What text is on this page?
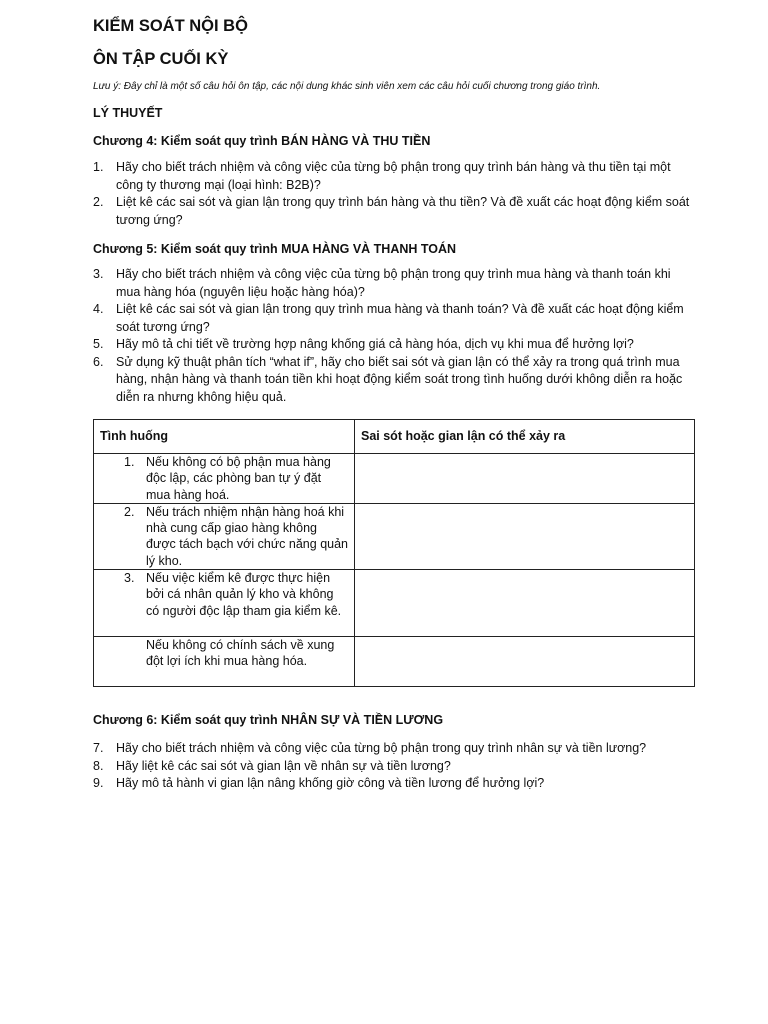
KIỂM SOÁT NỘI BỘ
ÔN TẬP CUỐI KỲ
Lưu ý: Đây chỉ là một số câu hỏi ôn tập, các nội dung khác sinh viên xem các câu hỏi cuối chương trong giáo trình.
LÝ THUYẾT
Chương 4: Kiểm soát quy trình BÁN HÀNG VÀ THU TIỀN
1. Hãy cho biết trách nhiệm và công việc của từng bộ phận trong quy trình bán hàng và thu tiền tại một công ty thương mại (loại hình: B2B)?
2. Liệt kê các sai sót và gian lận trong quy trình bán hàng và thu tiền? Và đề xuất các hoạt động kiểm soát tương ứng?
Chương 5: Kiểm soát quy trình MUA HÀNG VÀ THANH TOÁN
3. Hãy cho biết trách nhiệm và công việc của từng bộ phận trong quy trình mua hàng và thanh toán khi mua hàng hóa (nguyên liệu hoặc hàng hóa)?
4. Liệt kê các sai sót và gian lận trong quy trình mua hàng và thanh toán? Và đề xuất các hoạt động kiểm soát tương ứng?
5. Hãy mô tả chi tiết về trường hợp nâng khống giá cả hàng hóa, dịch vụ khi mua để hưởng lợi?
6. Sử dụng kỹ thuật phân tích “what if”, hãy cho biết sai sót và gian lận có thể xảy ra trong quá trình mua hàng, nhận hàng và thanh toán tiền khi hoạt động kiểm soát trong tình huống dưới không diễn ra hoặc diễn ra nhưng không hiệu quả.
Tình huống	Sai sót hoặc gian lận có thể xảy ra

1. Nếu không có bộ phận mua hàng độc lập, các phòng ban tự ý đặt mua hàng hoá.	

2. Nếu trách nhiệm nhận hàng hoá khi nhà cung cấp giao hàng không được tách bạch với chức năng quản lý kho.	

3. Nếu việc kiểm kê được thực hiện bởi cá nhân quản lý kho và không có người độc lập tham gia kiểm kê.	

Nếu không có chính sách về xung đột lợi ích khi mua hàng hóa.	

Chương 6: Kiểm soát quy trình NHÂN SỰ VÀ TIỀN LƯƠNG
7. Hãy cho biết trách nhiệm và công việc của từng bộ phận trong quy trình nhân sự và tiền lương?
8. Hãy liệt kê các sai sót và gian lận về nhân sự và tiền lương?
9. Hãy mô tả hành vi gian lận nâng khống giờ công và tiền lương để hưởng lợi?
